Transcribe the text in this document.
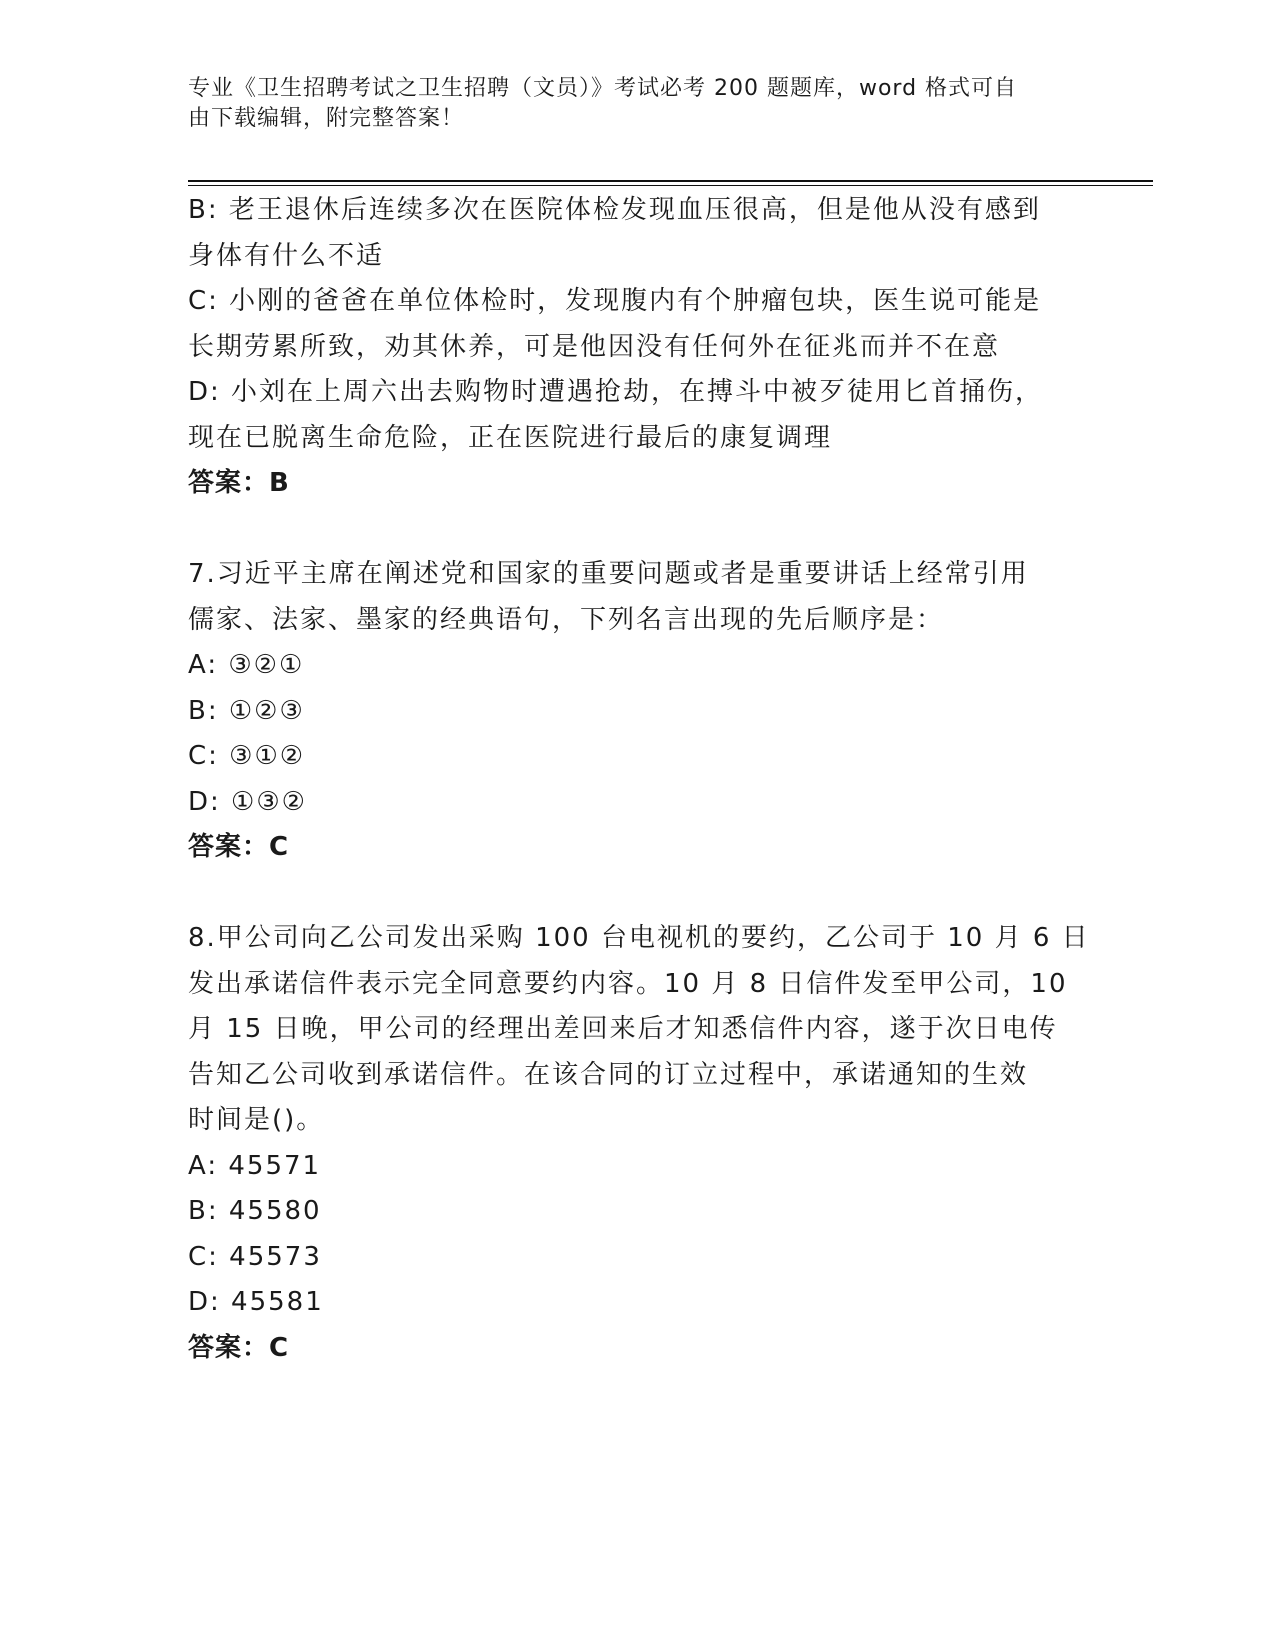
专业《卫生招聘考试之卫生招聘（文员）》考试必考 200 题题库，word 格式可自
由下载编辑，附完整答案！
B: 老王退休后连续多次在医院体检发现血压很高，但是他从没有感到
身体有什么不适
C: 小刚的爸爸在单位体检时，发现腹内有个肿瘤包块，医生说可能是
长期劳累所致，劝其休养，可是他因没有任何外在征兆而并不在意
D: 小刘在上周六出去购物时遭遇抢劫，在搏斗中被歹徒用匕首捅伤，
现在已脱离生命危险，正在医院进行最后的康复调理
答案：B
7.习近平主席在阐述党和国家的重要问题或者是重要讲话上经常引用
儒家、法家、墨家的经典语句，下列名言出现的先后顺序是：
A: ③②①
B: ①②③
C: ③①②
D: ①③②
答案：C
8.甲公司向乙公司发出采购 100 台电视机的要约，乙公司于 10 月 6 日
发出承诺信件表示完全同意要约内容。10 月 8 日信件发至甲公司，10
月 15 日晚，甲公司的经理出差回来后才知悉信件内容，遂于次日电传
告知乙公司收到承诺信件。在该合同的订立过程中，承诺通知的生效
时间是()。
A: 45571
B: 45580
C: 45573
D: 45581
答案：C
